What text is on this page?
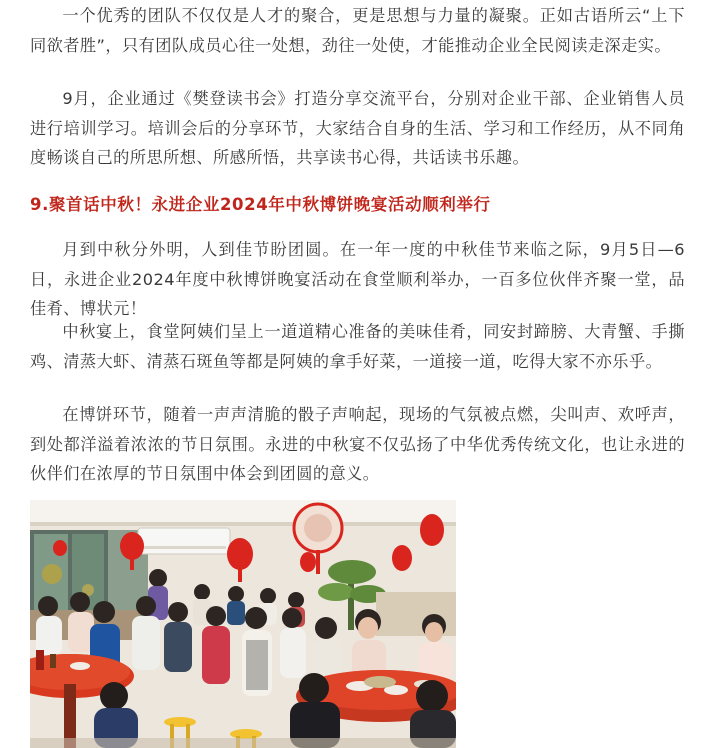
一个优秀的团队不仅仅是人才的聚合，更是思想与力量的凝聚。正如古语所云“上下同欲者胜”，只有团队成员心往一处想，劲往一处使，才能推动企业全民阅读走深走实。

9月，企业通过《樊登读书会》打造分享交流平台，分别对企业干部、企业销售人员进行培训学习。培训会后的分享环节，大家结合自身的生活、学习和工作经历，从不同角度畅谈自己的所思所想、所感所悟，共享读书心得，共话读书乐趣。

9.聚首话中秋！永进企业2024年中秋博饼晚宴活动顺利举行

月到中秋分外明，人到佳节盼团圆。在一年一度的中秋佳节来临之际，9月5日—6日，永进企业2024年度中秋博饼晚宴活动在食堂顺利举办，一百多位伙伴齐聚一堂，品佳肴、博状元！

中秋宴上，食堂阿姨们呈上一道道精心准备的美味佳肴，同安封蹄膀、大青蟹、手撕鸡、清蒸大虾、清蒸石斑鱼等都是阿姨的拿手好菜，一道接一道，吃得大家不亦乐乎。

在博饼环节，随着一声声清脆的骰子声响起，现场的气氛被点燃，尖叫声、欢呼声，到处都洋溢着浓浓的节日氛围。永进的中秋宴不仅弘扬了中华优秀传统文化，也让永进的伙伴们在浓厚的节日氛围中体会到团圆的意义。
